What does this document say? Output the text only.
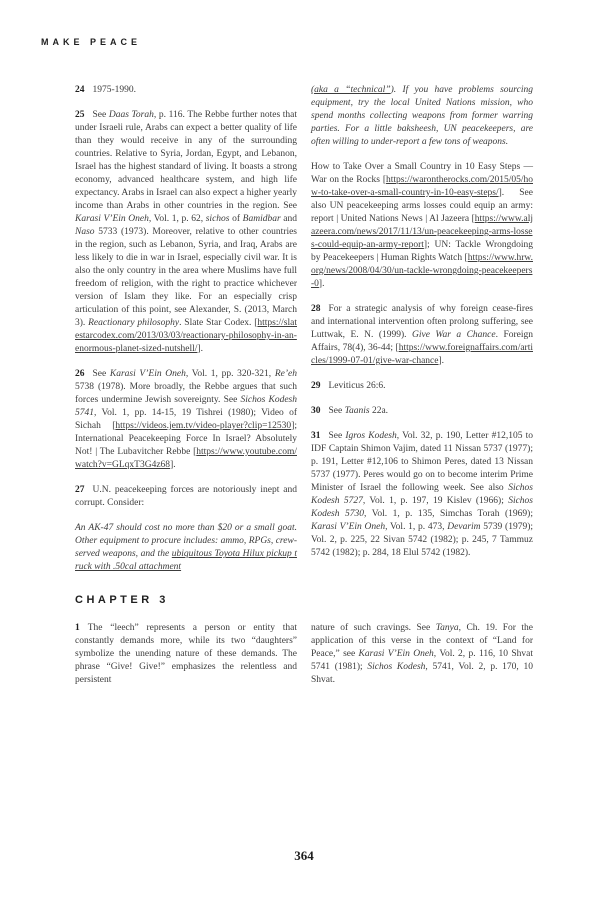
MAKE PEACE

24 1975-1990.

25 See Daas Torah, p. 116. The Rebbe further notes that under Israeli rule, Arabs can expect a better quality of life than they would receive in any of the surrounding countries. Relative to Syria, Jordan, Egypt, and Lebanon, Israel has the highest standard of living. It boasts a strong economy, advanced healthcare system, and high life expectancy. Arabs in Israel can also expect a higher yearly income than Arabs in other countries in the region. See Karasi V’Ein Oneh, Vol. 1, p. 62, sichos of Bamidbar and Naso 5733 (1973). Moreover, relative to other countries in the region, such as Lebanon, Syria, and Iraq, Arabs are less likely to die in war in Israel, especially civil war. It is also the only country in the area where Muslims have full freedom of religion, with the right to practice whichever version of Islam they like. For an especially crisp articulation of this point, see Alexander, S. (2013, March 3). Reactionary philosophy. Slate Star Codex. [https://slatestarcodex.com/2013/03/03/reactionary-philosophy-in-an-enormous-planet-sized-nutshell/].

26 See Karasi V’Ein Oneh, Vol. 1, pp. 320-321, Re’eh 5738 (1978). More broadly, the Rebbe argues that such forces undermine Jewish sovereignty. See Sichos Kodesh 5741, Vol. 1, pp. 14-15, 19 Tishrei (1980); Video of Sichah [https://videos.jem.tv/video-player?clip=12530]; International Peacekeeping Force In Israel? Absolutely Not! | The Lubavitcher Rebbe [https://www.youtube.com/watch?v=GLqxT3G4z68].

27 U.N. peacekeeping forces are notoriously inept and corrupt. Consider:

An AK-47 should cost no more than $20 or a small goat. Other equipment to procure includes: ammo, RPGs, crew-served weapons, and the ubiquitous Toyota Hilux pickup truck with .50cal attachment

(aka a “technical”). If you have problems sourcing equipment, try the local United Nations mission, who spend months collecting weapons from former warring parties. For a little baksheesh, UN peacekeepers, are often willing to under-report a few tons of weapons.

How to Take Over a Small Country in 10 Easy Steps — War on the Rocks [https://warontherocks.com/2015/05/how-to-take-over-a-small-country-in-10-easy-steps/]. See also UN peacekeeping arms losses could equip an army: report | United Nations News | Al Jazeera [https://www.aljazeera.com/news/2017/11/13/un-peacekeeping-arms-losses-could-equip-an-army-report]; UN: Tackle Wrongdoing by Peacekeepers | Human Rights Watch [https://www.hrw.org/news/2008/04/30/un-tackle-wrongdoing-peacekeepers-0].

28 For a strategic analysis of why foreign cease-fires and international intervention often prolong suffering, see Luttwak, E. N. (1999). Give War a Chance. Foreign Affairs, 78(4), 36-44; [https://www.foreignaffairs.com/articles/1999-07-01/give-war-chance].

29 Leviticus 26:6.

30 See Taanis 22a.

31 See Igros Kodesh, Vol. 32, p. 190, Letter #12,105 to IDF Captain Shimon Vajim, dated 11 Nissan 5737 (1977); p. 191, Letter #12,106 to Shimon Peres, dated 13 Nissan 5737 (1977). Peres would go on to become interim Prime Minister of Israel the following week. See also Sichos Kodesh 5727, Vol. 1, p. 197, 19 Kislev (1966); Sichos Kodesh 5730, Vol. 1, p. 135, Simchas Torah (1969); Karasi V’Ein Oneh, Vol. 1, p. 473, Devarim 5739 (1979); Vol. 2, p. 225, 22 Sivan 5742 (1982); p. 245, 7 Tammuz 5742 (1982); p. 284, 18 Elul 5742 (1982).

CHAPTER 3

1 The “leech” represents a person or entity that constantly demands more, while its two “daughters” symbolize the unending nature of these demands. The phrase “Give! Give!” emphasizes the relentless and persistent

nature of such cravings. See Tanya, Ch. 19. For the application of this verse in the context of “Land for Peace,” see Karasi V’Ein Oneh, Vol. 2, p. 116, 10 Shvat 5741 (1981); Sichos Kodesh, 5741, Vol. 2, p. 170, 10 Shvat.

364
